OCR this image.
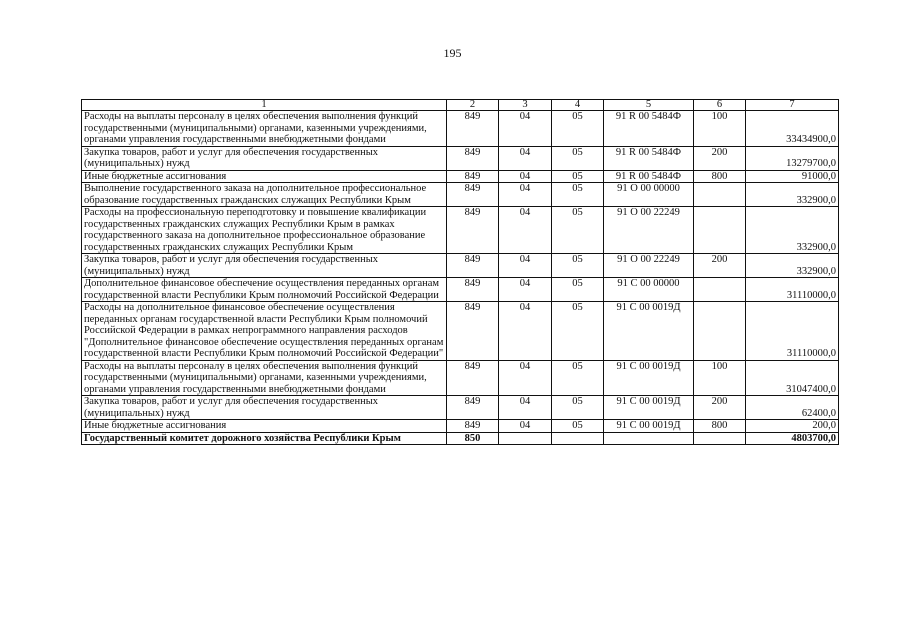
195
1	2	3	4	5	6	7
Расходы на выплаты персоналу в целях обеспечения выполнения функций государственными (муниципальными) органами, казенными учреждениями, органами управления государственными внебюджетными фондами	849	04	05	91 R 00 5484Ф	100	33434900,0
Закупка товаров, работ и услуг для обеспечения государственных (муниципальных) нужд	849	04	05	91 R 00 5484Ф	200	13279700,0
Иные бюджетные ассигнования	849	04	05	91 R 00 5484Ф	800	91000,0
Выполнение государственного заказа на дополнительное профессиональное образование государственных гражданских служащих Республики Крым	849	04	05	91 О 00 00000		332900,0
Расходы на профессиональную переподготовку и повышение квалификации государственных гражданских служащих Республики Крым в рамках государственного заказа на дополнительное профессиональное образование государственных гражданских служащих Республики Крым	849	04	05	91 О 00 22249		332900,0
Закупка товаров, работ и услуг для обеспечения государственных (муниципальных) нужд	849	04	05	91 О 00 22249	200	332900,0
Дополнительное финансовое обеспечение осуществления переданных органам государственной власти Республики Крым полномочий Российской Федерации	849	04	05	91 С 00 00000		31110000,0
Расходы на дополнительное финансовое обеспечение осуществления переданных органам государственной власти Республики Крым полномочий Российской Федерации в рамках непрограммного направления расходов "Дополнительное финансовое обеспечение осуществления переданных органам государственной власти Республики Крым полномочий Российской Федерации"	849	04	05	91 С 00 0019Д		31110000,0
Расходы на выплаты персоналу в целях обеспечения выполнения функций государственными (муниципальными) органами, казенными учреждениями, органами управления государственными внебюджетными фондами	849	04	05	91 С 00 0019Д	100	31047400,0
Закупка товаров, работ и услуг для обеспечения государственных (муниципальных) нужд	849	04	05	91 С 00 0019Д	200	62400,0
Иные бюджетные ассигнования	849	04	05	91 С 00 0019Д	800	200,0
Государственный комитет дорожного хозяйства Республики Крым	850					4803700,0
